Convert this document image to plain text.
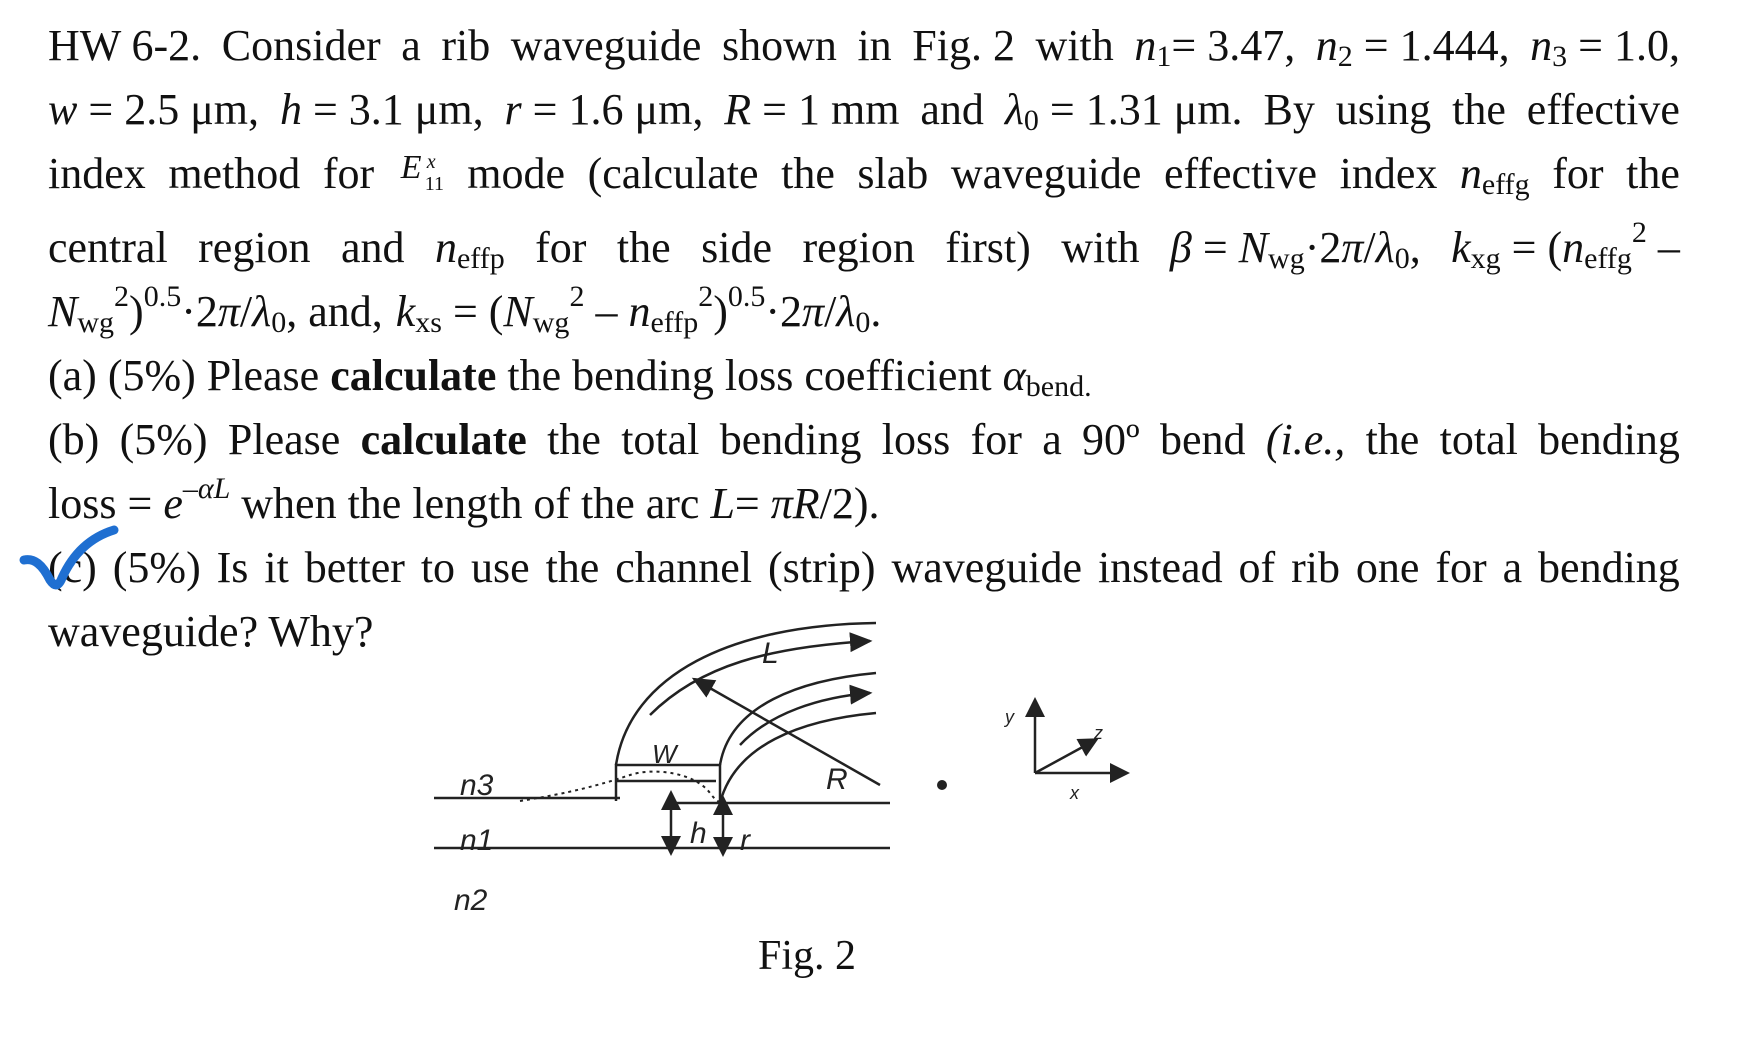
HW 6-2. Consider a rib waveguide shown in Fig. 2 with $n_1= 3.47$, $n_2 = 1.444$, $n_3 = 1.0$,
w = 2.5 μm, h = 3.1 μm, r = 1.6 μm, R = 1 mm and $\lambda_0 = 1.31$ μm. By using the effective
index method for E x
11 mode (calculate the slab waveguide effective index $n_{effg}$ for the
central region and $n_{effp}$ for the side region first) with $\beta = N_{wg}\cdot 2\pi/\lambda_0$, $k_{xg} = (n_{effg}^2$ –
$N_{wg}^2)^{0.5}\cdot 2\pi/\lambda_0$, and, $k_{xs} = (N_{wg}^2 - n_{effp}^2)^{0.5}\cdot 2\pi/\lambda_0$.
(a) (5%) Please calculate the bending loss coefficient $\alpha_{bend.}$
(b) (5%) Please calculate the total bending loss for a 90º bend (i.e., the total bending
loss = $e^{-\alpha L}$ when the length of the arc L= πR/2).
(c) (5%) Is it better to use the channel (strip) waveguide instead of rib one for a bending
waveguide? Why?
n3
n1
n2
W
h r
R
L
y
z
x
Fig. 2
